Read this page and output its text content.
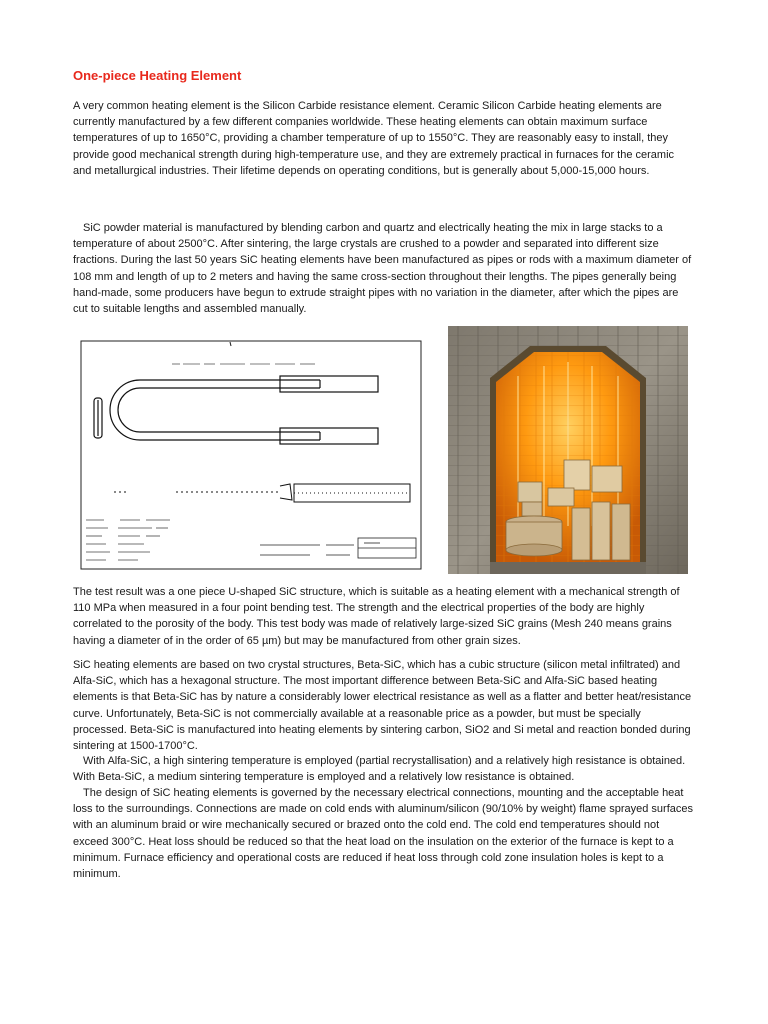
One-piece Heating Element

A very common heating element is the Silicon Carbide resistance element. Ceramic Silicon Carbide heating elements are currently manufactured by a few different companies worldwide. These heating elements can obtain maximum surface temperatures of up to 1650°C, providing a chamber temperature of up to 1550°C. They are reasonably easy to install, they provide good mechanical strength during high-temperature use, and they are extremely practical in furnaces for the ceramic and metallurgical industries. Their lifetime depends on operating conditions, but is generally about 5,000-15,000 hours.

SiC powder material is manufactured by blending carbon and quartz and electrically heating the mix in large stacks to a temperature of about 2500°C. After sintering, the large crystals are crushed to a powder and separated into different size fractions. During the last 50 years SiC heating elements have been manufactured as pipes or rods with a maximum diameter of 108 mm and length of up to 2 meters and having the same cross-section throughout their lengths. The pipes generally being hand-made, some producers have begun to extrude straight pipes with no variation in the diameter, after which the pipes are cut to suitable lengths and assembled manually.

The test result was a one piece U-shaped SiC structure, which is suitable as a heating element with a mechanical strength of 110 MPa when measured in a four point bending test. The strength and the electrical properties of the body are highly correlated to the porosity of the body. This test body was made of relatively large-sized SiC grains (Mesh 240 means grains having a diameter of in the order of 65 µm) but may be manufactured from other grain sizes.

SiC heating elements are based on two crystal structures, Beta-SiC, which has a cubic structure (silicon metal infiltrated) and Alfa-SiC, which has a hexagonal structure. The most important difference between Beta-SiC and Alfa-SiC based heating elements is that Beta-SiC has by nature a considerably lower electrical resistance as well as a flatter and better heat/resistance curve. Unfortunately, Beta-SiC is not commercially available at a reasonable price as a powder, but must be specially processed. Beta-SiC is manufactured into heating elements by sintering carbon, SiO2 and Si metal and reaction bonded during sintering at 1500-1700°C.

With Alfa-SiC, a high sintering temperature is employed (partial recrystallisation) and a relatively high resistance is obtained. With Beta-SiC, a medium sintering temperature is employed and a relatively low resistance is obtained.

The design of SiC heating elements is governed by the necessary electrical connections, mounting and the acceptable heat loss to the surroundings. Connections are made on cold ends with aluminum/silicon (90/10% by weight) flame sprayed surfaces with an aluminum braid or wire mechanically secured or brazed onto the cold end. The cold end temperatures should not exceed 300°C. Heat loss should be reduced so that the heat load on the insulation on the exterior of the furnace is kept to a minimum. Furnace efficiency and operational costs are reduced if heat loss through cold zone insulation holes is kept to a minimum.
